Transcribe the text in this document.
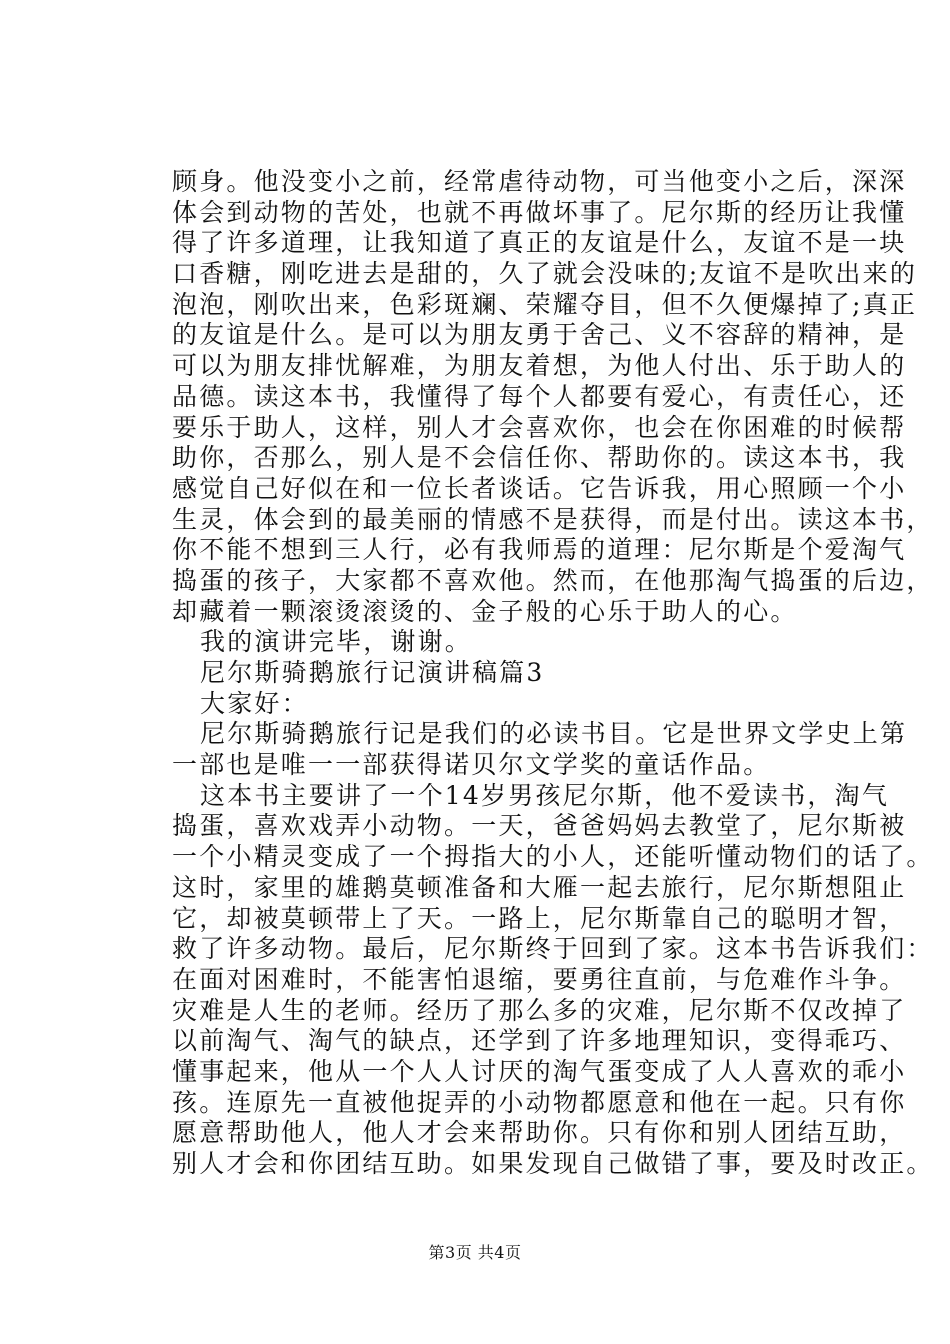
顾身。他没变小之前，经常虐待动物，可当他变小之后，深深
体会到动物的苦处，也就不再做坏事了。尼尔斯的经历让我懂
得了许多道理，让我知道了真正的友谊是什么，友谊不是一块
口香糖，刚吃进去是甜的，久了就会没味的;友谊不是吹出来的
泡泡，刚吹出来，色彩斑斓、荣耀夺目，但不久便爆掉了;真正
的友谊是什么。是可以为朋友勇于舍己、义不容辞的精神，是
可以为朋友排忧解难，为朋友着想，为他人付出、乐于助人的
品德。读这本书，我懂得了每个人都要有爱心，有责任心，还
要乐于助人，这样，别人才会喜欢你，也会在你困难的时候帮
助你，否那么，别人是不会信任你、帮助你的。读这本书，我
感觉自己好似在和一位长者谈话。它告诉我，用心照顾一个小
生灵，体会到的最美丽的情感不是获得，而是付出。读这本书，
你不能不想到三人行，必有我师焉的道理：尼尔斯是个爱淘气
捣蛋的孩子，大家都不喜欢他。然而，在他那淘气捣蛋的后边，
却藏着一颗滚烫滚烫的、金子般的心乐于助人的心。
我的演讲完毕，谢谢。
尼尔斯骑鹅旅行记演讲稿篇3
大家好：
尼尔斯骑鹅旅行记是我们的必读书目。它是世界文学史上第
一部也是唯一一部获得诺贝尔文学奖的童话作品。
这本书主要讲了一个14岁男孩尼尔斯，他不爱读书，淘气
捣蛋，喜欢戏弄小动物。一天，爸爸妈妈去教堂了，尼尔斯被
一个小精灵变成了一个拇指大的小人，还能听懂动物们的话了。
这时，家里的雄鹅莫顿准备和大雁一起去旅行，尼尔斯想阻止
它，却被莫顿带上了天。一路上，尼尔斯靠自己的聪明才智，
救了许多动物。最后，尼尔斯终于回到了家。这本书告诉我们：
在面对困难时，不能害怕退缩，要勇往直前，与危难作斗争。
灾难是人生的老师。经历了那么多的灾难，尼尔斯不仅改掉了
以前淘气、淘气的缺点，还学到了许多地理知识，变得乖巧、
懂事起来，他从一个人人讨厌的淘气蛋变成了人人喜欢的乖小
孩。连原先一直被他捉弄的小动物都愿意和他在一起。只有你
愿意帮助他人，他人才会来帮助你。只有你和别人团结互助，
别人才会和你团结互助。如果发现自己做错了事，要及时改正。
第3页 共4页
